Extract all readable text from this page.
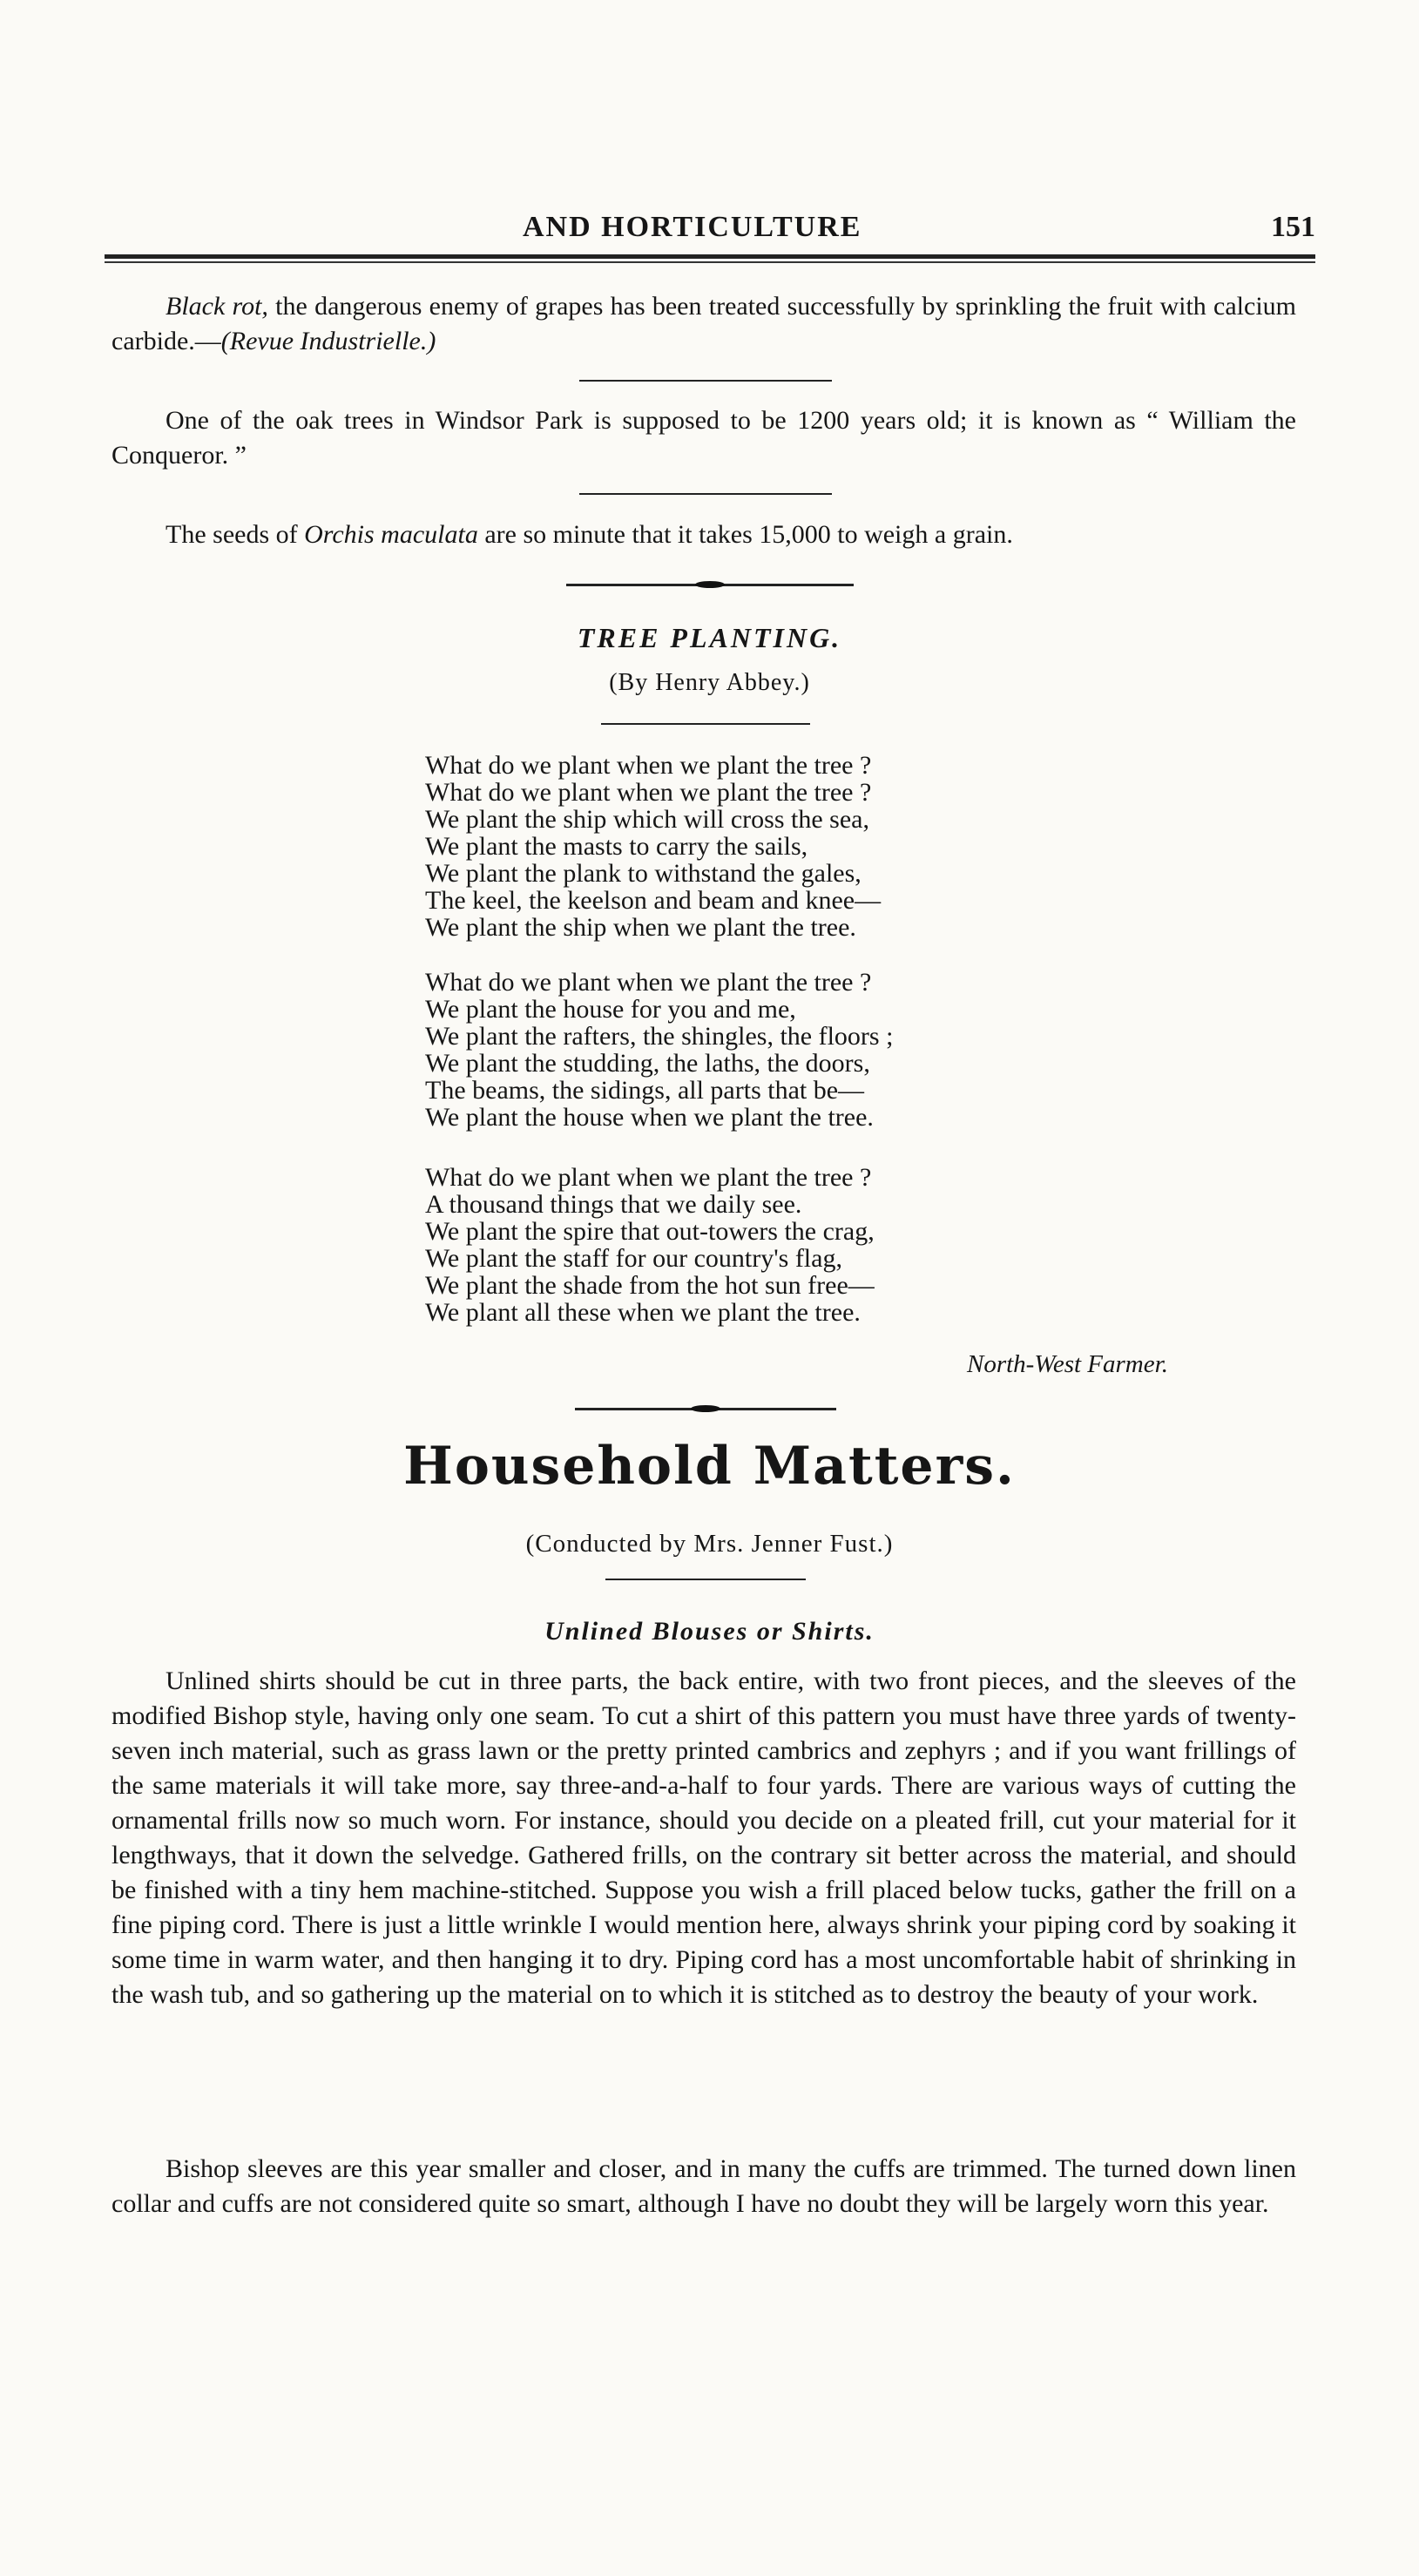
AND HORTICULTURE	151
Black rot, the dangerous enemy of grapes has been treated successfully by sprinkling the fruit with calcium carbide.—(Revue Industrielle.)
One of the oak trees in Windsor Park is supposed to be 1200 years old; it is known as “ William the Conqueror. ”
The seeds of Orchis maculata are so minute that it takes 15,000 to weigh a grain.
TREE PLANTING.
(By Henry Abbey.)
What do we plant when we plant the tree ?
What do we plant when we plant the tree ?
We plant the ship which will cross the sea,
We plant the masts to carry the sails,
We plant the plank to withstand the gales,
The keel, the keelson and beam and knee—
We plant the ship when we plant the tree.
What do we plant when we plant the tree ?
We plant the house for you and me,
We plant the rafters, the shingles, the floors ;
We plant the studding, the laths, the doors,
The beams, the sidings, all parts that be—
We plant the house when we plant the tree.
What do we plant when we plant the tree ?
A thousand things that we daily see.
We plant the spire that out-towers the crag,
We plant the staff for our country's flag,
We plant the shade from the hot sun free—
We plant all these when we plant the tree.
North-West Farmer.
Household Matters.
(Conducted by Mrs. Jenner Fust.)
Unlined Blouses or Shirts.
Unlined shirts should be cut in three parts, the back entire, with two front pieces, and the sleeves of the modified Bishop style, having only one seam. To cut a shirt of this pattern you must have three yards of twenty-seven inch material, such as grass lawn or the pretty printed cambrics and zephyrs ; and if you want frillings of the same materials it will take more, say three-and-a-half to four yards. There are various ways of cutting the ornamental frills now so much worn. For instance, should you decide on a pleated frill, cut your material for it lengthways, that it down the selvedge. Gathered frills, on the contrary sit better across the material, and should be finished with a tiny hem machine-stitched. Suppose you wish a frill placed below tucks, gather the frill on a fine piping cord. There is just a little wrinkle I would mention here, always shrink your piping cord by soaking it some time in warm water, and then hanging it to dry. Piping cord has a most uncomfortable habit of shrinking in the wash tub, and so gathering up the material on to which it is stitched as to destroy the beauty of your work.
Bishop sleeves are this year smaller and closer, and in many the cuffs are trimmed. The turned down linen collar and cuffs are not considered quite so smart, although I have no doubt they will be largely worn this year.
